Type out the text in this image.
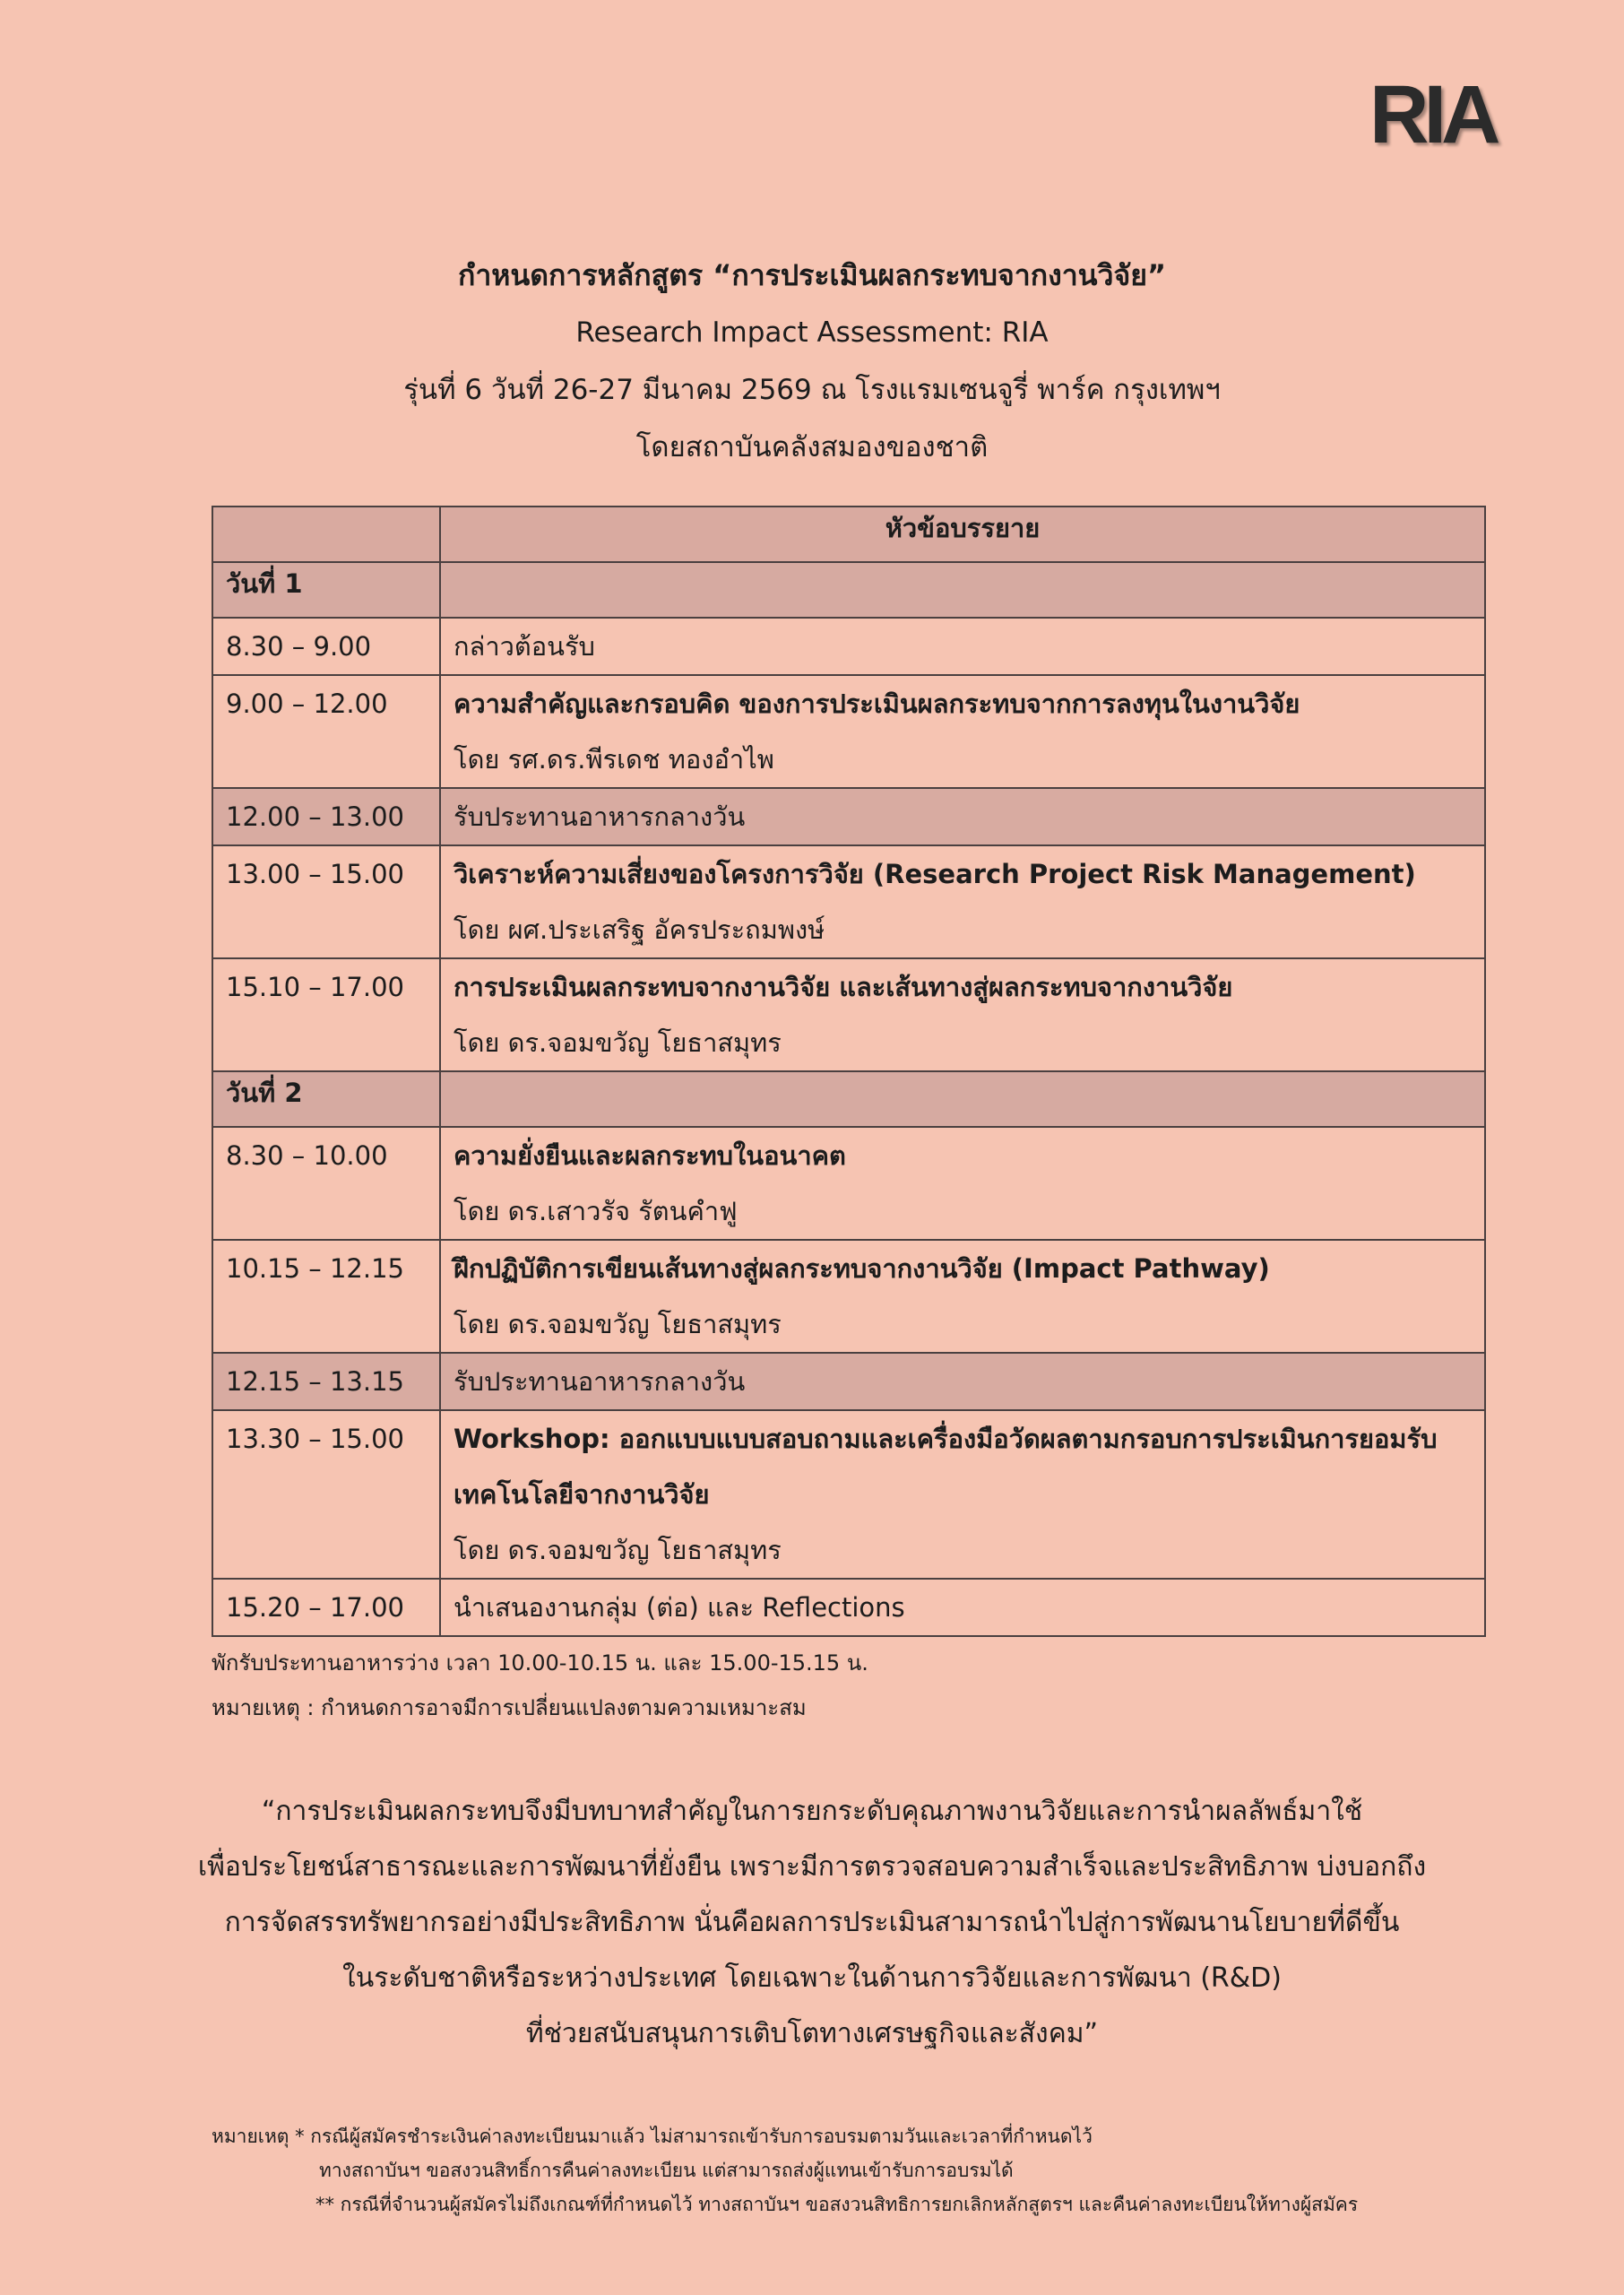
RIA
กำหนดการหลักสูตร “การประเมินผลกระทบจากงานวิจัย”
Research Impact Assessment: RIA
รุ่นที่ 6 วันที่ 26-27 มีนาคม 2569 ณ โรงแรมเซนจูรี่ พาร์ค กรุงเทพฯ
โดยสถาบันคลังสมองของชาติ
	หัวข้อบรรยาย
วันที่ 1	

8.30 – 9.00	กล่าวต้อนรับ

9.00 – 12.00	ความสำคัญและกรอบคิด ของการประเมินผลกระทบจากการลงทุนในงานวิจัย
โดย รศ.ดร.พีรเดช ทองอำไพ

12.00 – 13.00	รับประทานอาหารกลางวัน

13.00 – 15.00	วิเคราะห์ความเสี่ยงของโครงการวิจัย (Research Project Risk Management)
โดย ผศ.ประเสริฐ อัครประถมพงษ์

15.10 – 17.00	การประเมินผลกระทบจากงานวิจัย และเส้นทางสู่ผลกระทบจากงานวิจัย
โดย ดร.จอมขวัญ โยธาสมุทร

วันที่ 2	

8.30 – 10.00	ความยั่งยืนและผลกระทบในอนาคต
โดย ดร.เสาวรัจ รัตนคำฟู

10.15 – 12.15	ฝึกปฏิบัติการเขียนเส้นทางสู่ผลกระทบจากงานวิจัย (Impact Pathway)
โดย ดร.จอมขวัญ โยธาสมุทร

12.15 – 13.15	รับประทานอาหารกลางวัน

13.30 – 15.00	Workshop: ออกแบบแบบสอบถามและเครื่องมือวัดผลตามกรอบการประเมินการยอมรับ
เทคโนโลยีจากงานวิจัย
โดย ดร.จอมขวัญ โยธาสมุทร

15.20 – 17.00	นำเสนองานกลุ่ม (ต่อ) และ Reflections
พักรับประทานอาหารว่าง เวลา 10.00-10.15 น. และ 15.00-15.15 น.
หมายเหตุ : กำหนดการอาจมีการเปลี่ยนแปลงตามความเหมาะสม
“การประเมินผลกระทบจึงมีบทบาทสำคัญในการยกระดับคุณภาพงานวิจัยและการนำผลลัพธ์มาใช้
เพื่อประโยชน์สาธารณะและการพัฒนาที่ยั่งยืน เพราะมีการตรวจสอบความสำเร็จและประสิทธิภาพ บ่งบอกถึง
การจัดสรรทรัพยากรอย่างมีประสิทธิภาพ นั่นคือผลการประเมินสามารถนำไปสู่การพัฒนานโยบายที่ดีขึ้น
ในระดับชาติหรือระหว่างประเทศ โดยเฉพาะในด้านการวิจัยและการพัฒนา (R&D)
ที่ช่วยสนับสนุนการเติบโตทางเศรษฐกิจและสังคม”
หมายเหตุ * กรณีผู้สมัครชำระเงินค่าลงทะเบียนมาแล้ว ไม่สามารถเข้ารับการอบรมตามวันและเวลาที่กำหนดไว้
ทางสถาบันฯ ขอสงวนสิทธิ์การคืนค่าลงทะเบียน แต่สามารถส่งผู้แทนเข้ารับการอบรมได้
** กรณีที่จำนวนผู้สมัครไม่ถึงเกณฑ์ที่กำหนดไว้ ทางสถาบันฯ ขอสงวนสิทธิการยกเลิกหลักสูตรฯ และคืนค่าลงทะเบียนให้ทางผู้สมัคร
